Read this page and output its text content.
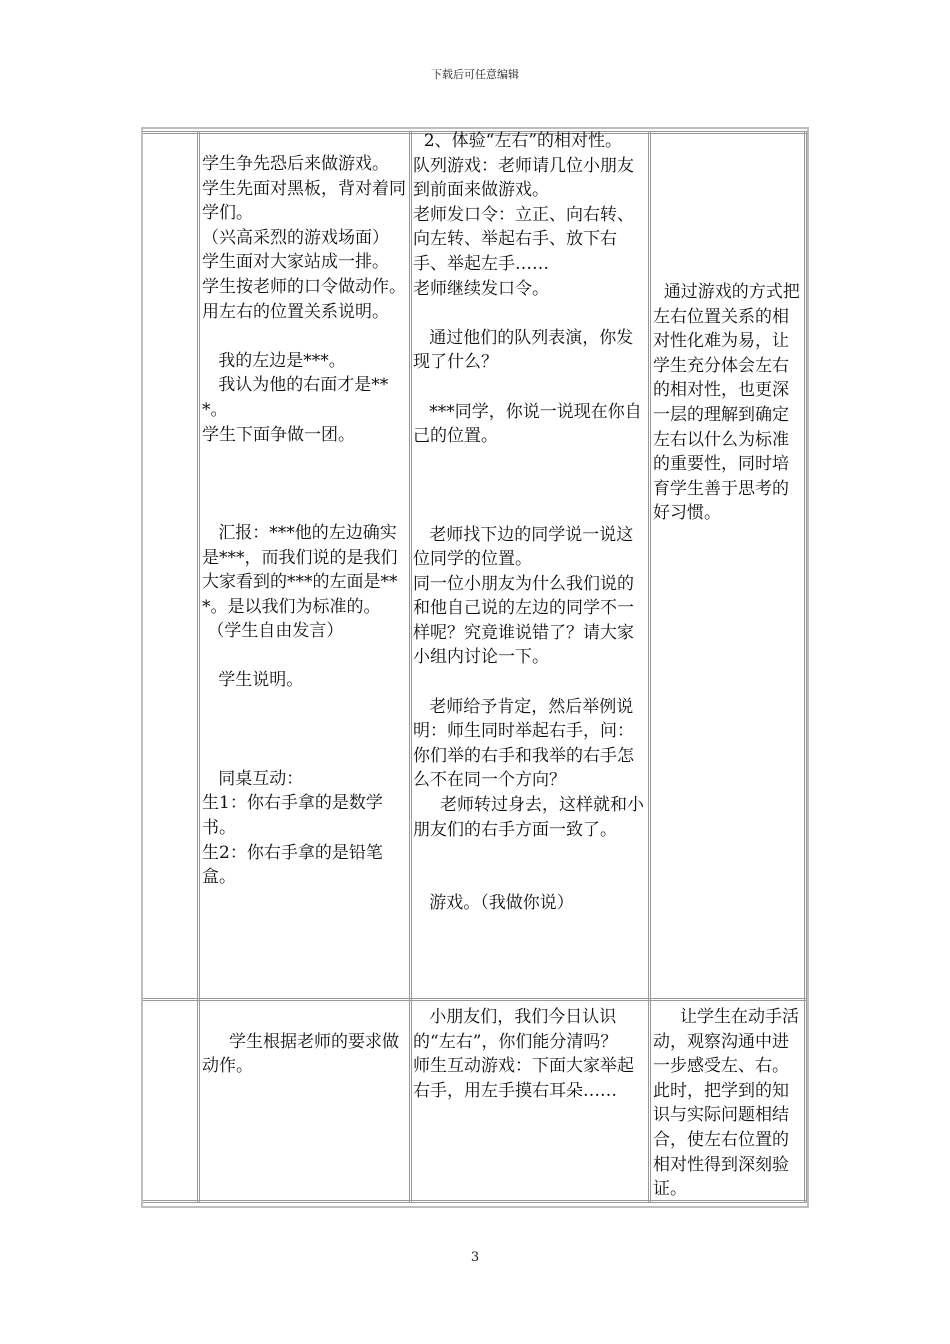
下载后可任意编辑
学生争先恐后来做游戏。
学生先面对黑板，背对着同学们。
（兴高采烈的游戏场面）
学生面对大家站成一排。
学生按老师的口令做动作。
用左右的位置关系说明。

我的左边是***。
我认为他的右面才是***。
学生下面争做一团。

汇报：***他的左边确实是***，而我们说的是我们大家看到的***的左面是***。是以我们为标准的。
（学生自由发言）

学生说明。

同桌互动：
生1：你右手拿的是数学书。
生2：你右手拿的是铅笔盒。
2、体验“左右”的相对性。
队列游戏：老师请几位小朋友到前面来做游戏。
老师发口令：立正、向右转、向左转、举起右手、放下右手、举起左手……
老师继续发口令。

通过他们的队列表演，你发现了什么？

***同学，你说一说现在你自己的位置。

老师找下边的同学说一说这位同学的位置。
同一位小朋友为什么我们说的和他自己说的左边的同学不一样呢？究竟谁说错了？请大家小组内讨论一下。

老师给予肯定，然后举例说明：师生同时举起右手，问：你们举的右手和我举的右手怎么不在同一个方向？
老师转过身去，这样就和小朋友们的右手方面一致了。

游戏。（我做你说）
通过游戏的方式把左右位置关系的相对性化难为易，让学生充分体会左右的相对性，也更深一层的理解到确定左右以什么为标准的重要性，同时培育学生善于思考的好习惯。

学生根据老师的要求做动作。
小朋友们，我们今日认识的“左右”，你们能分清吗？
师生互动游戏：下面大家举起右手，用左手摸右耳朵……
让学生在动手活动，观察沟通中进一步感受左、右。此时，把学到的知识与实际问题相结合，使左右位置的相对性得到深刻验证。
3
